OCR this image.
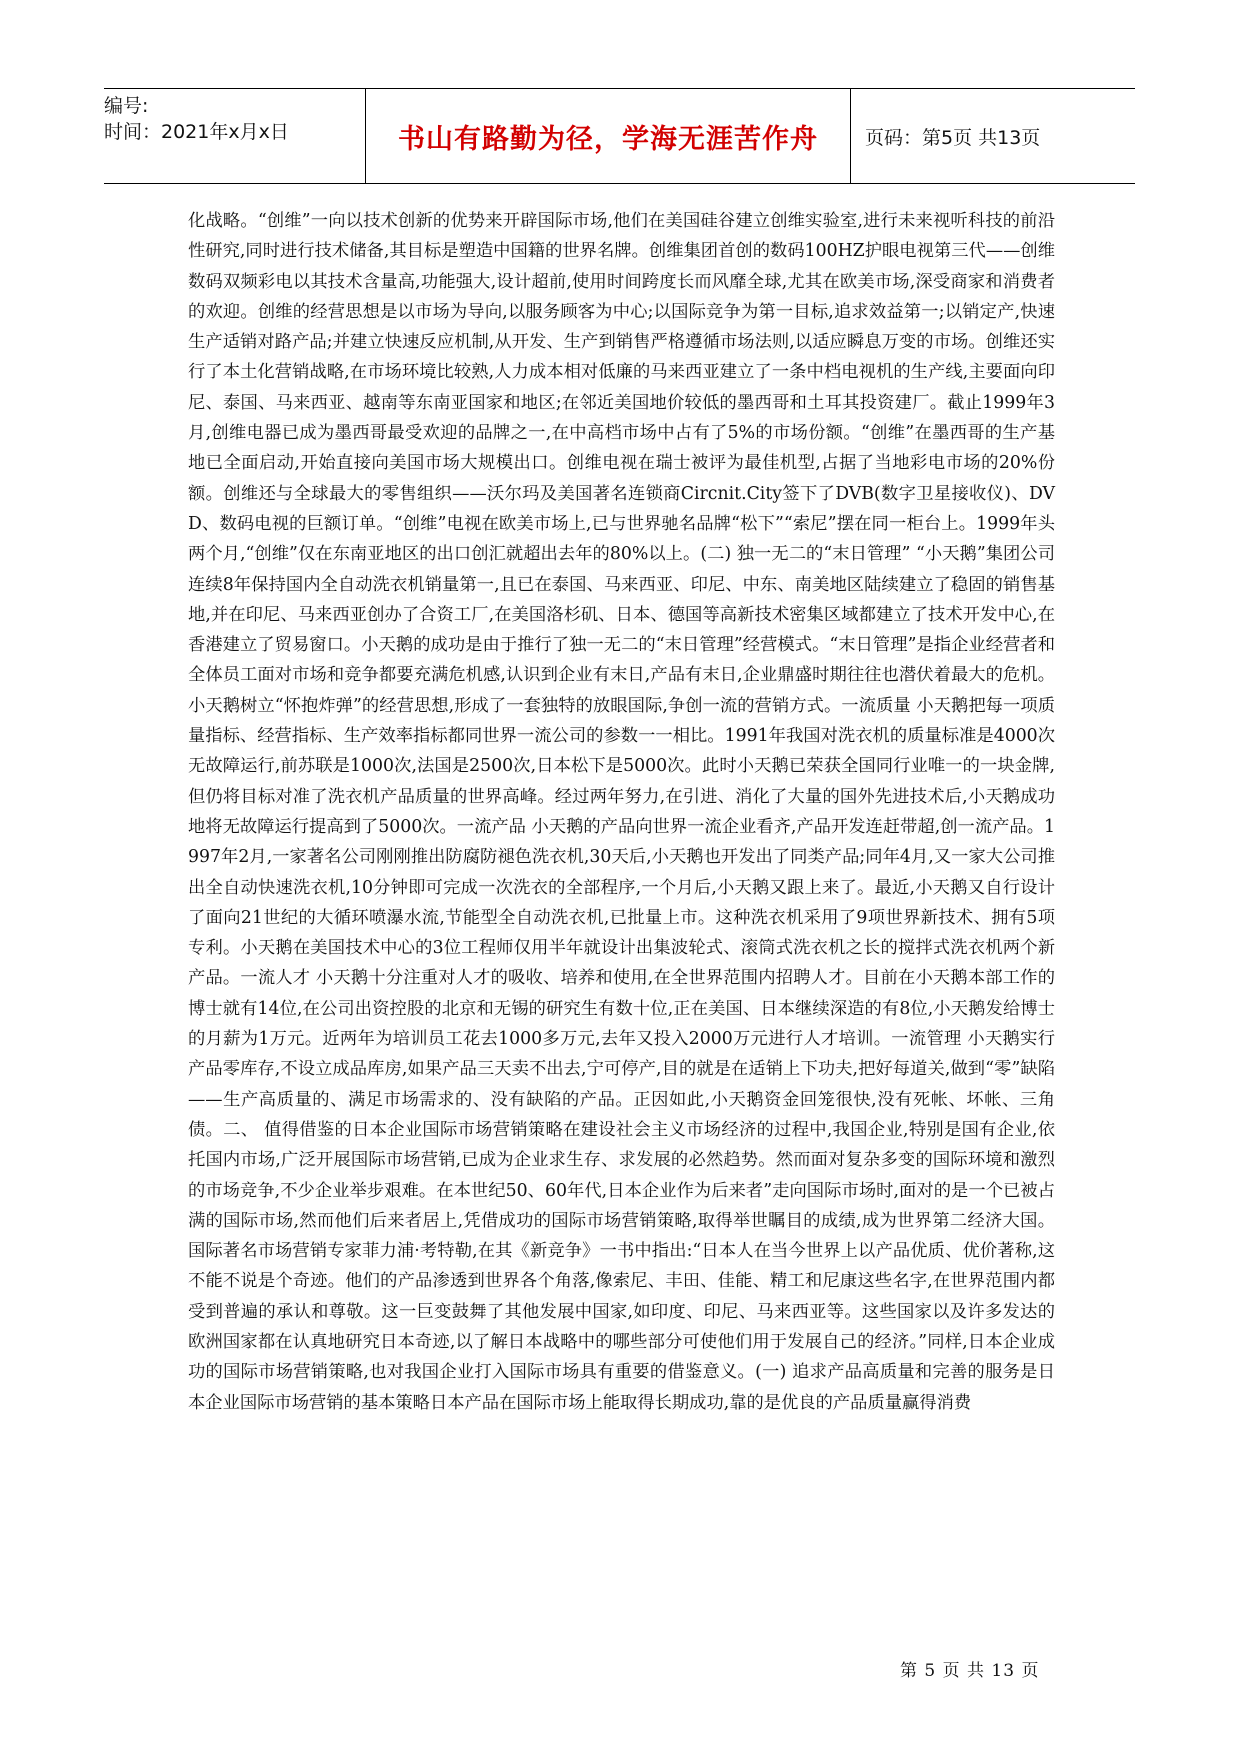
编号:
时间：2021年x月x日	书山有路勤为径，学海无涯苦作舟 页码：第5页 共13页

化战略。“创维”一向以技术创新的优势来开辟国际市场,他们在美国硅谷建立创维实验室,进行未来视听科技的前沿性研究,同时进行技术储备,其目标是塑造中国籍的世界名牌。创维集团首创的数码100HZ护眼电视第三代——创维数码双频彩电以其技术含量高,功能强大,设计超前,使用时间跨度长而风靡全球,尤其在欧美市场,深受商家和消费者的欢迎。创维的经营思想是以市场为导向,以服务顾客为中心;以国际竞争为第一目标,追求效益第一;以销定产,快速生产适销对路产品;并建立快速反应机制,从开发、生产到销售严格遵循市场法则,以适应瞬息万变的市场。创维还实行了本土化营销战略,在市场环境比较熟,人力成本相对低廉的马来西亚建立了一条中档电视机的生产线,主要面向印尼、泰国、马来西亚、越南等东南亚国家和地区;在邻近美国地价较低的墨西哥和土耳其投资建厂。截止1999年3月,创维电器已成为墨西哥最受欢迎的品牌之一,在中高档市场中占有了5%的市场份额。“创维”在墨西哥的生产基地已全面启动,开始直接向美国市场大规模出口。创维电视在瑞士被评为最佳机型,占据了当地彩电市场的20%份额。创维还与全球最大的零售组织——沃尔玛及美国著名连锁商Circnit.City签下了DVB(数字卫星接收仪)、DVD、数码电视的巨额订单。“创维”电视在欧美市场上,已与世界驰名品牌“松下”“索尼”摆在同一柜台上。1999年头两个月,“创维”仅在东南亚地区的出口创汇就超出去年的80%以上。(二) 独一无二的“末日管理” “小天鹅”集团公司连续8年保持国内全自动洗衣机销量第一,且已在泰国、马来西亚、印尼、中东、南美地区陆续建立了稳固的销售基地,并在印尼、马来西亚创办了合资工厂,在美国洛杉矶、日本、德国等高新技术密集区域都建立了技术开发中心,在香港建立了贸易窗口。小天鹅的成功是由于推行了独一无二的“末日管理”经营模式。“末日管理”是指企业经营者和全体员工面对市场和竞争都要充满危机感,认识到企业有末日,产品有末日,企业鼎盛时期往往也潜伏着最大的危机。小天鹅树立“怀抱炸弹”的经营思想,形成了一套独特的放眼国际,争创一流的营销方式。一流质量 小天鹅把每一项质量指标、经营指标、生产效率指标都同世界一流公司的参数一一相比。1991年我国对洗衣机的质量标准是4000次无故障运行,前苏联是1000次,法国是2500次,日本松下是5000次。此时小天鹅已荣获全国同行业唯一的一块金牌,但仍将目标对准了洗衣机产品质量的世界高峰。经过两年努力,在引进、消化了大量的国外先进技术后,小天鹅成功地将无故障运行提高到了5000次。一流产品 小天鹅的产品向世界一流企业看齐,产品开发连赶带超,创一流产品。1997年2月,一家著名公司刚刚推出防腐防褪色洗衣机,30天后,小天鹅也开发出了同类产品;同年4月,又一家大公司推出全自动快速洗衣机,10分钟即可完成一次洗衣的全部程序,一个月后,小天鹅又跟上来了。最近,小天鹅又自行设计了面向21世纪的大循环喷瀑水流,节能型全自动洗衣机,已批量上市。这种洗衣机采用了9项世界新技术、拥有5项专利。小天鹅在美国技术中心的3位工程师仅用半年就设计出集波轮式、滚筒式洗衣机之长的搅拌式洗衣机两个新产品。一流人才 小天鹅十分注重对人才的吸收、培养和使用,在全世界范围内招聘人才。目前在小天鹅本部工作的博士就有14位,在公司出资控股的北京和无锡的研究生有数十位,正在美国、日本继续深造的有8位,小天鹅发给博士的月薪为1万元。近两年为培训员工花去1000多万元,去年又投入2000万元进行人才培训。一流管理 小天鹅实行产品零库存,不设立成品库房,如果产品三天卖不出去,宁可停产,目的就是在适销上下功夫,把好每道关,做到“零”缺陷——生产高质量的、满足市场需求的、没有缺陷的产品。正因如此,小天鹅资金回笼很快,没有死帐、坏帐、三角债。二、 值得借鉴的日本企业国际市场营销策略在建设社会主义市场经济的过程中,我国企业,特别是国有企业,依托国内市场,广泛开展国际市场营销,已成为企业求生存、求发展的必然趋势。然而面对复杂多变的国际环境和激烈的市场竞争,不少企业举步艰难。在本世纪50、60年代,日本企业作为后来者”走向国际市场时,面对的是一个已被占满的国际市场,然而他们后来者居上,凭借成功的国际市场营销策略,取得举世瞩目的成绩,成为世界第二经济大国。国际著名市场营销专家菲力浦·考特勒,在其《新竞争》一书中指出:“日本人在当今世界上以产品优质、优价著称,这不能不说是个奇迹。他们的产品渗透到世界各个角落,像索尼、丰田、佳能、精工和尼康这些名字,在世界范围内都受到普遍的承认和尊敬。这一巨变鼓舞了其他发展中国家,如印度、印尼、马来西亚等。这些国家以及许多发达的欧洲国家都在认真地研究日本奇迹,以了解日本战略中的哪些部分可使他们用于发展自己的经济。”同样,日本企业成功的国际市场营销策略,也对我国企业打入国际市场具有重要的借鉴意义。(一) 追求产品高质量和完善的服务是日本企业国际市场营销的基本策略日本产品在国际市场上能取得长期成功,靠的是优良的产品质量赢得消费

第 5 页 共 13 页
